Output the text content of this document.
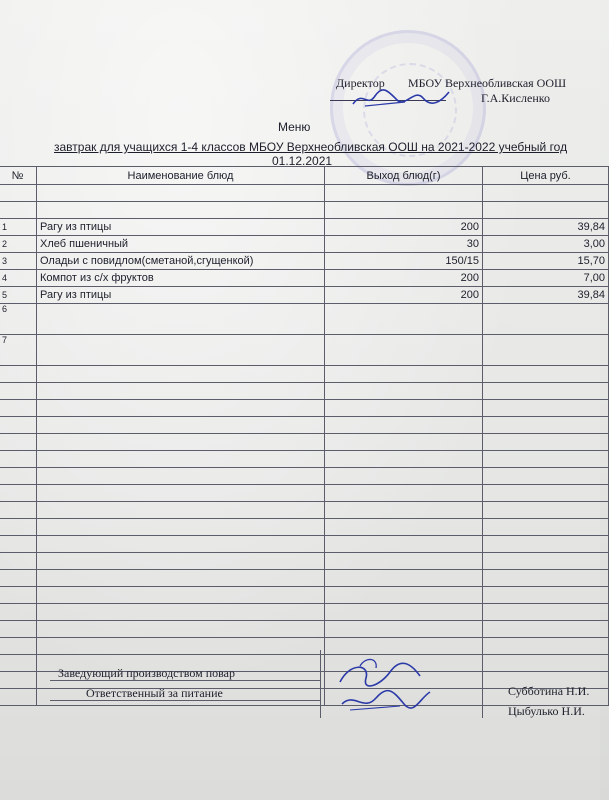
Директор МБОУ Верхнеобливская ООШ
Г.А.Кисленко
Меню
завтрак для учащихся 1-4 классов МБОУ Верхнеобливская ООШ на 2021-2022 учебный год
01.12.2021
№	Наименование блюд	Выход блюд(г)	Цена руб.

1	Рагу из птицы	200	39,84
2	Хлеб пшеничный	30	3,00
3	Оладьи с повидлом(сметаной,сгущенкой)	150/15	15,70
4	Компот из с/х фруктов	200	7,00
5	Рагу из птицы	200	39,84
6			
7			

Заведующий производством повар
Ответственный за питание	Субботина Н.И.
Цыбулько Н.И.
